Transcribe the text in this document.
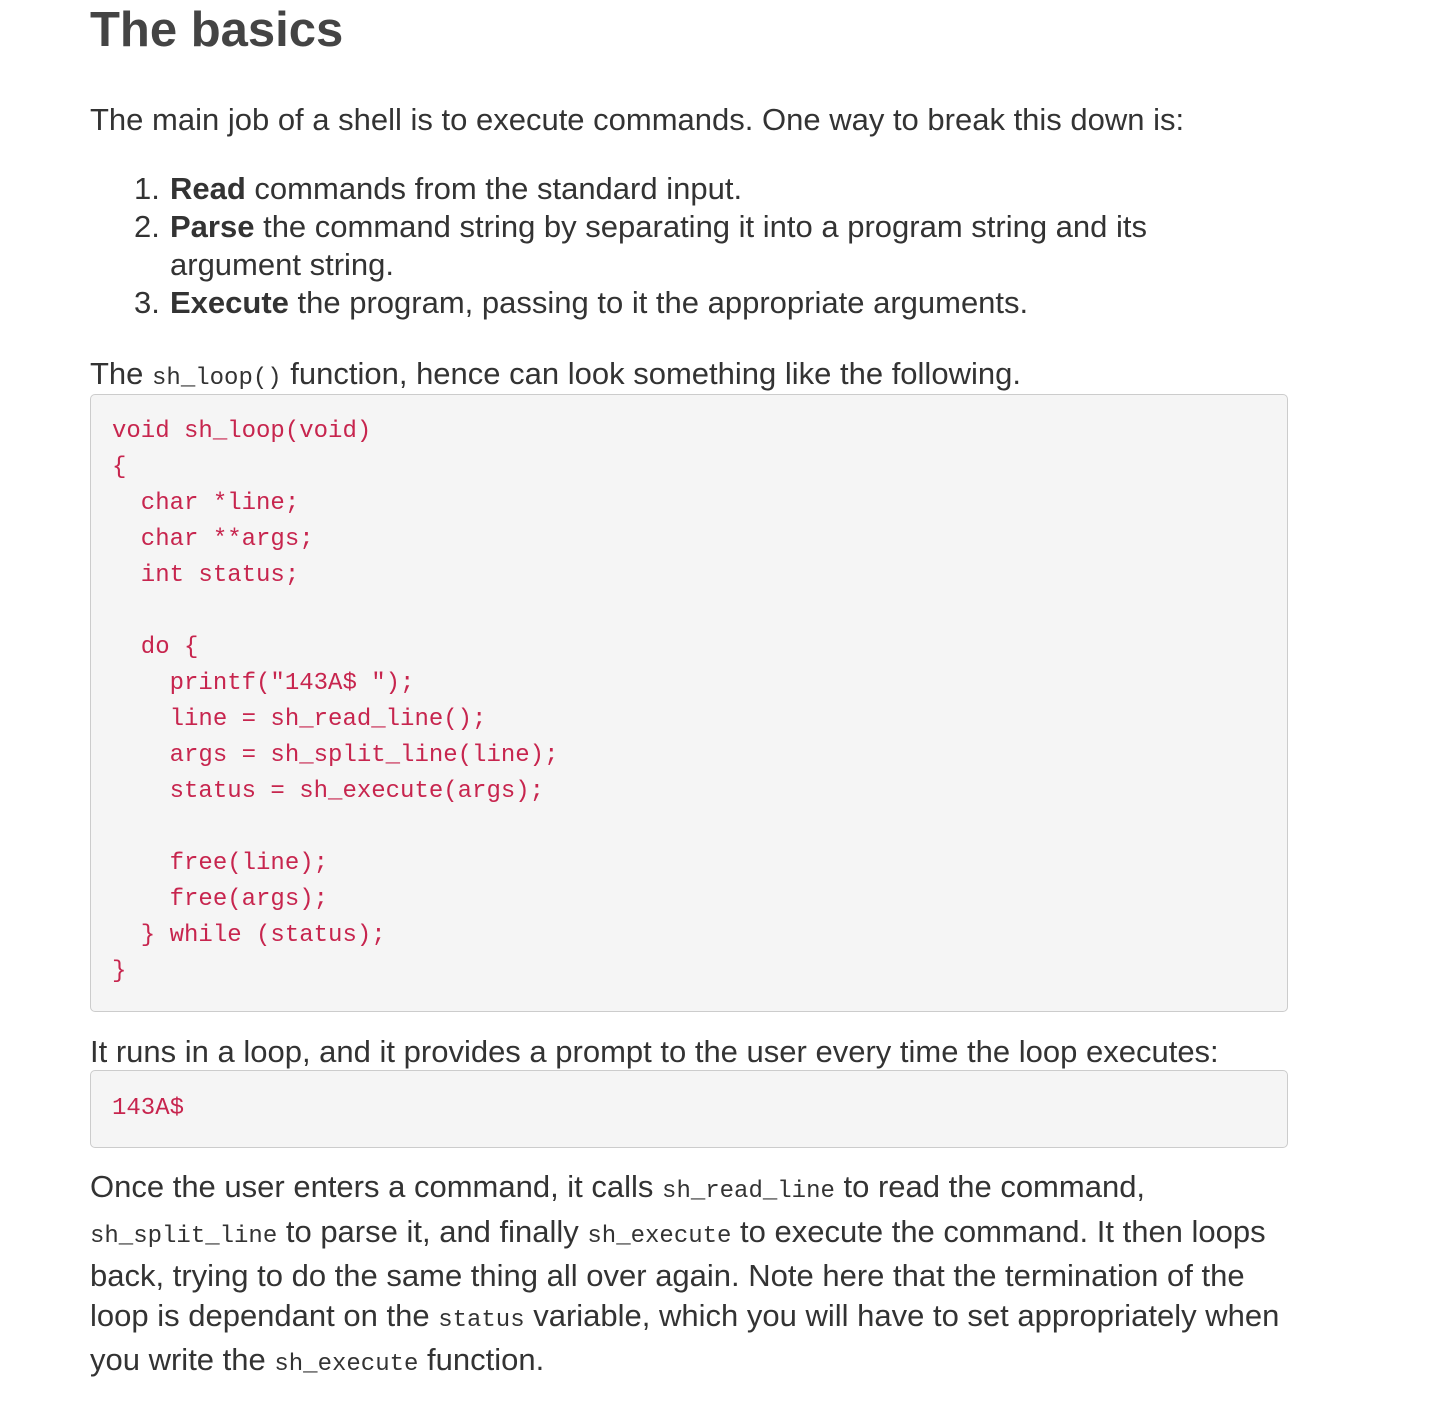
The basics
The main job of a shell is to execute commands. One way to break this down is:
1. Read commands from the standard input.
2. Parse the command string by separating it into a program string and its argument string.
3. Execute the program, passing to it the appropriate arguments.
The sh_loop() function, hence can look something like the following.
void sh_loop(void)
{
char *line;
char **args;
int status;

do {
printf("143A$ ");
line = sh_read_line();
args = sh_split_line(line);
status = sh_execute(args);

free(line);
free(args);
} while (status);
}
It runs in a loop, and it provides a prompt to the user every time the loop executes:
143A$
Once the user enters a command, it calls sh_read_line to read the command, sh_split_line to parse it, and finally sh_execute to execute the command. It then loops back, trying to do the same thing all over again. Note here that the termination of the loop is dependant on the status variable, which you will have to set appropriately when you write the sh_execute function.
